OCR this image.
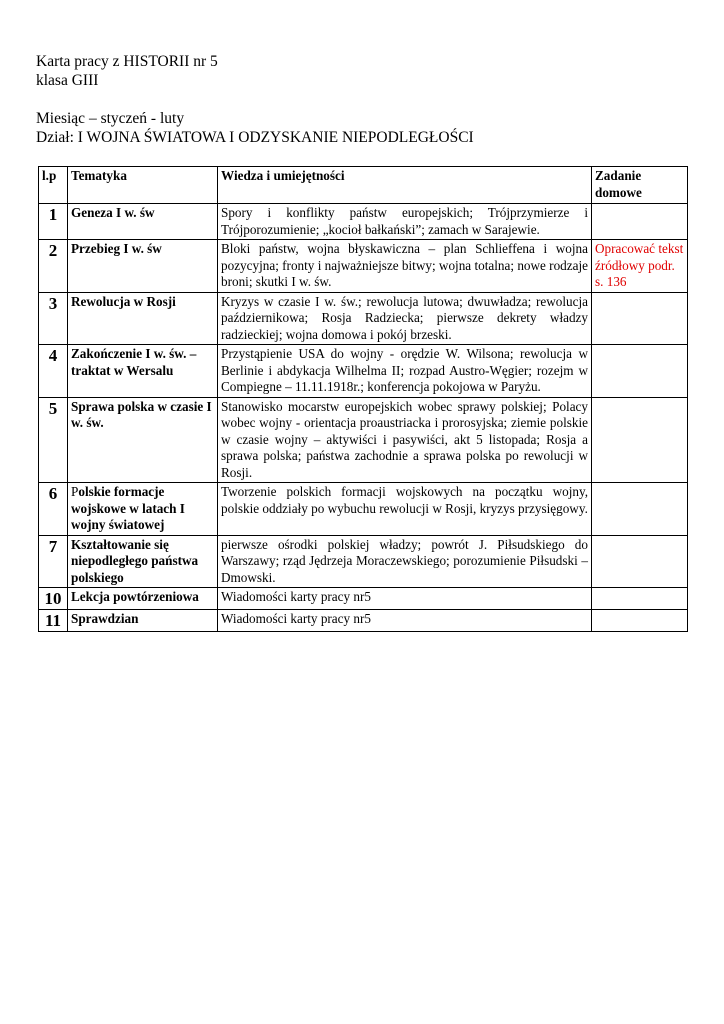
Karta pracy z HISTORII nr 5
klasa GIII
Miesiąc – styczeń - luty
Dział: I WOJNA ŚWIATOWA I ODZYSKANIE NIEPODLEGŁOŚCI
l.p	Tematyka	Wiedza i umiejętności	Zadanie domowe
1	Geneza I w. św	Spory i konflikty państw europejskich; Trójprzymierze i Trójporozumienie; „kocioł bałkański”; zamach w Sarajewie.	
2	Przebieg I w. św	Bloki państw, wojna błyskawiczna – plan Schlieffena i wojna pozycyjna; fronty i najważniejsze bitwy; wojna totalna; nowe rodzaje broni; skutki I w. św.	Opracować tekst źródłowy podr. s. 136
3	Rewolucja w Rosji	Kryzys w czasie I w. św.; rewolucja lutowa; dwuwładza; rewolucja październikowa; Rosja Radziecka; pierwsze dekrety władzy radzieckiej; wojna domowa i pokój brzeski.	
4	Zakończenie I w. św. – traktat w Wersalu	Przystąpienie USA do wojny - orędzie W. Wilsona; rewolucja w Berlinie i abdykacja Wilhelma II; rozpad Austro-Węgier; rozejm w Compiegne – 11.11.1918r.; konferencja pokojowa w Paryżu.	
5	Sprawa polska w czasie I w. św.	Stanowisko mocarstw europejskich wobec sprawy polskiej; Polacy wobec wojny - orientacja proaustriacka i prorosyjska; ziemie polskie w czasie wojny – aktywiści i pasywiści, akt 5 listopada; Rosja a sprawa polska; państwa zachodnie a sprawa polska po rewolucji w Rosji.	
6	Polskie formacje wojskowe w latach I wojny światowej	Tworzenie polskich formacji wojskowych na początku wojny, polskie oddziały po wybuchu rewolucji w Rosji, kryzys przysięgowy.	
7	Kształtowanie się niepodległego państwa polskiego	pierwsze ośrodki polskiej władzy; powrót J. Piłsudskiego do Warszawy; rząd Jędrzeja Moraczewskiego; porozumienie Piłsudski – Dmowski.	
10	Lekcja powtórzeniowa	Wiadomości karty pracy nr5	
11	Sprawdzian	Wiadomości karty pracy nr5	
